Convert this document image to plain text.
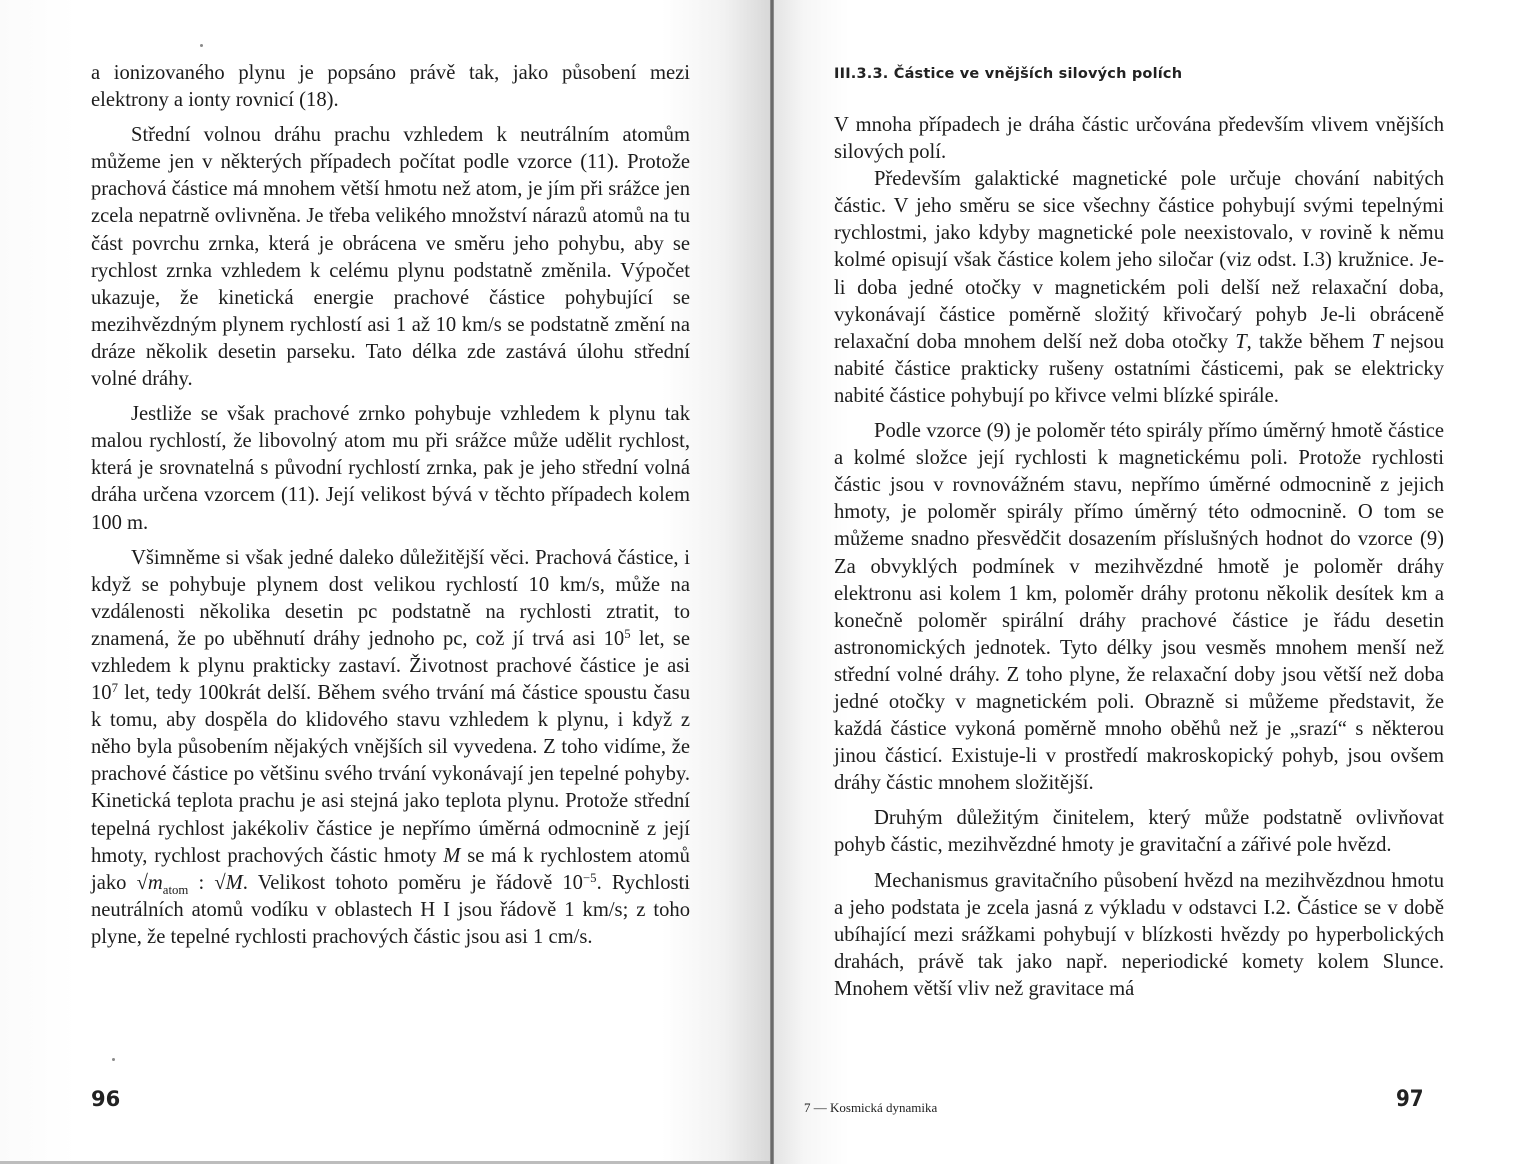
a ionizovaného plynu je popsáno právě tak, jako působení mezi elektrony a ionty rovnicí (18).

Střední volnou dráhu prachu vzhledem k neutrálním atomům můžeme jen v některých případech počítat podle vzorce (11). Protože prachová částice má mnohem větší hmotu než atom, je jím při srážce jen zcela nepatrně ovlivněna. Je třeba velikého množství nárazů atomů na tu část povrchu zrnka, která je obrácena ve směru jeho pohybu, aby se rychlost zrnka vzhledem k celému plynu podstatně změnila. Výpočet ukazuje, že kinetická energie prachové částice pohybující se mezihvězdným plynem rychlostí asi 1 až 10 km/s se podstatně změní na dráze několik desetin parseku. Tato délka zde zastává úlohu střední volné dráhy.

Jestliže se však prachové zrnko pohybuje vzhledem k plynu tak malou rychlostí, že libovolný atom mu při srážce může udělit rychlost, která je srovnatelná s původní rychlostí zrnka, pak je jeho střední volná dráha určena vzorcem (11). Její velikost bývá v těchto případech kolem 100 m.

Všimněme si však jedné daleko důležitější věci. Prachová částice, i když se pohybuje plynem dost velikou rychlostí 10 km/s, může na vzdálenosti několika desetin pc podstatně na rychlosti ztratit, to znamená, že po uběhnutí dráhy jednoho pc, což jí trvá asi $10^5$ let, se vzhledem k plynu prakticky zastaví. Životnost prachové částice je asi $10^7$ let, tedy 100krát delší. Během svého trvání má částice spoustu času k tomu, aby dospěla do klidového stavu vzhledem k plynu, i když z něho byla působením nějakých vnějších sil vyvedena. Z toho vidíme, že prachové částice po většinu svého trvání vykonávají jen tepelné pohyby. Kinetická teplota prachu je asi stejná jako teplota plynu. Protože střední tepelná rychlost jakékoliv částice je nepřímo úměrná odmocnině z její hmoty, rychlost prachových částic hmoty M se má k rychlostem atomů jako $√m_{atom}$ : √M. Velikost tohoto poměru je řádově $10^{-5}$. Rychlosti neutrálních atomů vodíku v oblastech H I jsou řádově 1 km/s; z toho plyne, že tepelné rychlosti prachových částic jsou asi 1 cm/s.

96
III.3.3. Částice ve vnějších silových polích

V mnoha případech je dráha částic určována především vlivem vnějších silových polí.

Především galaktické magnetické pole určuje chování nabitých částic. V jeho směru se sice všechny částice pohybují svými tepelnými rychlostmi, jako kdyby magnetické pole neexistovalo, v rovině k němu kolmé opisují však částice kolem jeho siločar (viz odst. I.3) kružnice. Je-li doba jedné otočky v magnetickém poli delší než relaxační doba, vykonávají částice poměrně složitý křivočarý pohyb Je-li obráceně relaxační doba mnohem delší než doba otočky T, takže během T nejsou nabité částice prakticky rušeny ostatními částicemi, pak se elektricky nabité částice pohybují po křivce velmi blízké spirále.

Podle vzorce (9) je poloměr této spirály přímo úměrný hmotě částice a kolmé složce její rychlosti k magnetickému poli. Protože rychlosti částic jsou v rovnovážném stavu, nepřímo úměrné odmocnině z jejich hmoty, je poloměr spirály přímo úměrný této odmocnině. O tom se můžeme snadno přesvědčit dosazením příslušných hodnot do vzorce (9) Za obvyklých podmínek v mezihvězdné hmotě je poloměr dráhy elektronu asi kolem 1 km, poloměr dráhy protonu několik desítek km a konečně poloměr spirální dráhy prachové částice je řádu desetin astronomických jednotek. Tyto délky jsou vesměs mnohem menší než střední volné dráhy. Z toho plyne, že relaxační doby jsou větší než doba jedné otočky v magnetickém poli. Obrazně si můžeme představit, že každá částice vykoná poměrně mnoho oběhů než je „srazí“ s některou jinou částicí. Existuje-li v prostředí makroskopický pohyb, jsou ovšem dráhy částic mnohem složitější.

Druhým důležitým činitelem, který může podstatně ovlivňovat pohyb částic, mezihvězdné hmoty je gravitační a zářivé pole hvězd.

Mechanismus gravitačního působení hvězd na mezihvězdnou hmotu a jeho podstata je zcela jasná z výkladu v odstavci I.2. Částice se v době ubíhající mezi srážkami pohybují v blízkosti hvězdy po hyperbolických drahách, právě tak jako např. neperiodické komety kolem Slunce. Mnohem větší vliv než gravitace má

7 — Kosmická dynamika	97
